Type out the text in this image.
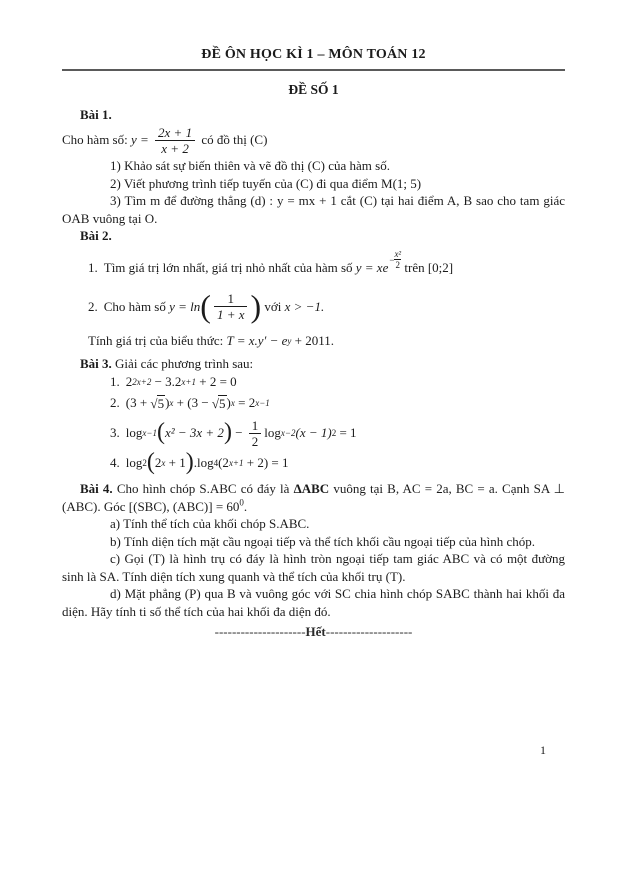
ĐỀ ÔN HỌC KÌ 1 – MÔN TOÁN 12
ĐỀ SỐ 1

Bài 1.

Cho hàm số: $y = \frac{2x + 1}{x + 2}$ có đồ thị (C)

1) Khảo sát sự biến thiên và vẽ đồ thị (C) của hàm số.

2) Viết phương trình tiếp tuyến của (C) đi qua điểm M(1; 5)

3) Tìm m để đường thẳng (d) : y = mx + 1 cắt (C) tại hai điểm A, B sao cho tam giác OAB vuông tại O.

Bài 2.

1. Tìm giá trị lớn nhất, giá trị nhỏ nhất của hàm số y = xe
− $\frac{\text{x²}}{2}$ trên [0;2]
2. Cho hàm số y = ln ( $\frac{1}{1 + x}$ ) với x > −1.
Tính giá trị của biểu thức: T = x.y′ − e y + 2011.

Bài 3. Giải các phương trình sau:

1. 2 2x+2 − 3.2 x+1 + 2 = 0
2. (3 + √ 5 ) x + (3 − √ 5 ) x = 2 x−1
3. log x−1 ( x² − 3x + 2 ) − $\frac{1}{2}$ log x−2 (x − 1) 2 = 1
4. log 2 ( 2 x + 1 ) .log 4 (2 x+1 + 2) = 1

Bài 4. Cho hình chóp S.ABC có đáy là ΔABC vuông tại B, AC = 2a, BC = a. Cạnh SA ⊥ (ABC). Góc [(SBC), $(ABC)] = 60^0$.

a) Tính thể tích của khối chóp S.ABC.

b) Tính diện tích mặt cầu ngoại tiếp và thể tích khối cầu ngoại tiếp của hình chóp.

c) Gọi (T) là hình trụ có đáy là hình tròn ngoại tiếp tam giác ABC và có một đường sinh là SA. Tính diện tích xung quanh và thể tích của khối trụ (T).

d) Mặt phẳng (P) qua B và vuông góc với SC chia hình chóp SABC thành hai khối đa diện. Hãy tính ti số thể tích của hai khối đa diện đó.

---------------------Hết--------------------
1
